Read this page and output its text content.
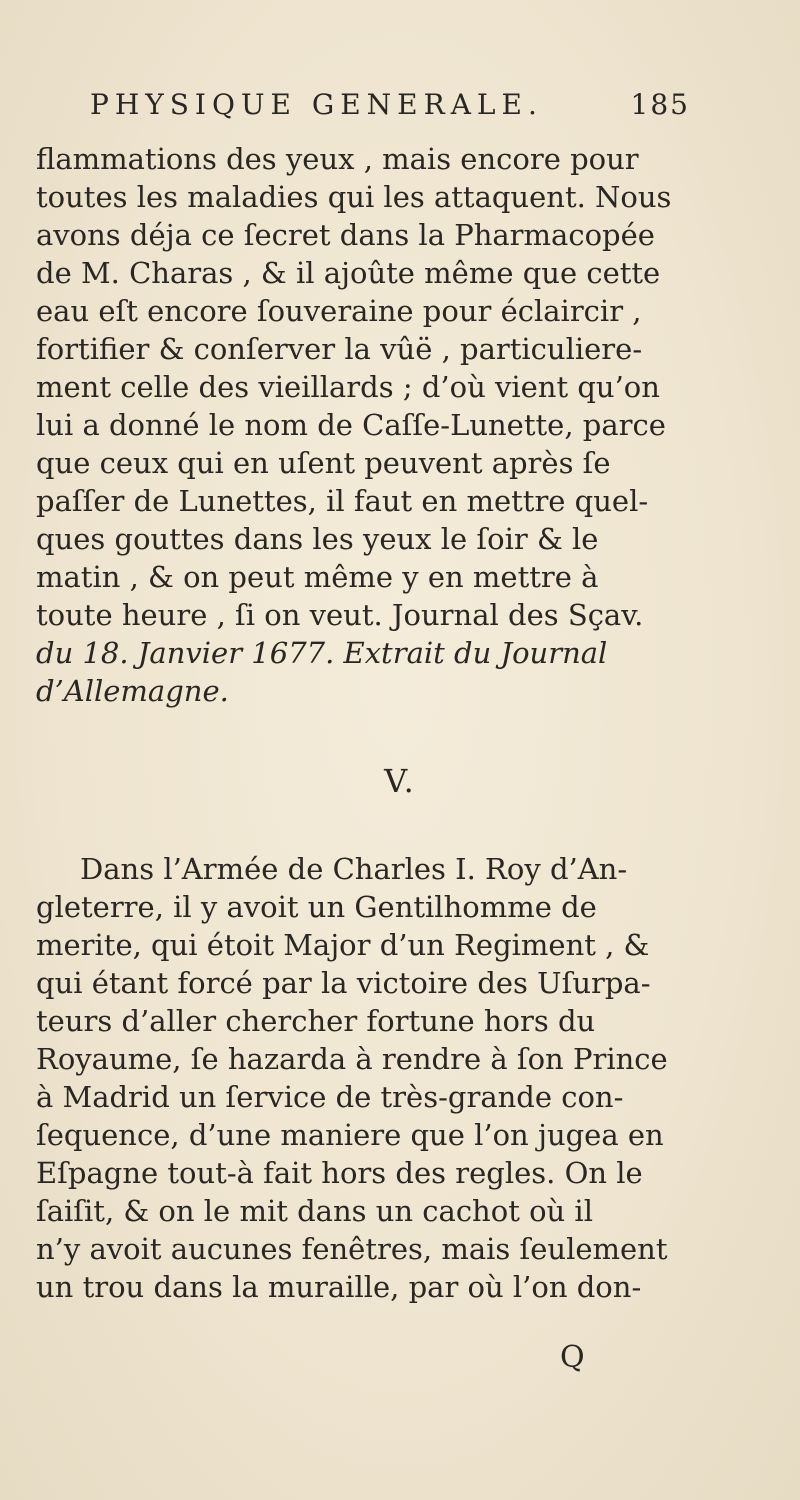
PHYSIQUE GENERALE.	185
flammations des yeux , mais encore pour
toutes les maladies qui les attaquent. Nous
avons déja ce ſecret dans la Pharmacopée
de M. Charas , & il ajoûte même que cette
eau eſt encore ſouveraine pour éclaircir ,
fortifier & conſerver la vûë , particuliere-
ment celle des vieillards ; d’où vient qu’on
lui a donné le nom de Caſſe-Lunette, parce
que ceux qui en uſent peuvent après ſe
paſſer de Lunettes, il faut en mettre quel-
ques gouttes dans les yeux le ſoir & le
matin , & on peut même y en mettre à
toute heure , ſi on veut. Journal des Sçav.
du 18. Janvier 1677. Extrait du Journal
d’Allemagne.
V.
Dans l’Armée de Charles I. Roy d’An-
gleterre, il y avoit un Gentilhomme de
merite, qui étoit Major d’un Regiment , &
qui étant forcé par la victoire des Uſurpa-
teurs d’aller chercher fortune hors du
Royaume, ſe hazarda à rendre à ſon Prince
à Madrid un ſervice de très-grande con-
ſequence, d’une maniere que l’on jugea en
Eſpagne tout-à fait hors des regles. On le
ſaiſit, & on le mit dans un cachot où il
n’y avoit aucunes fenêtres, mais ſeulement
un trou dans la muraille, par où l’on don-
Q
